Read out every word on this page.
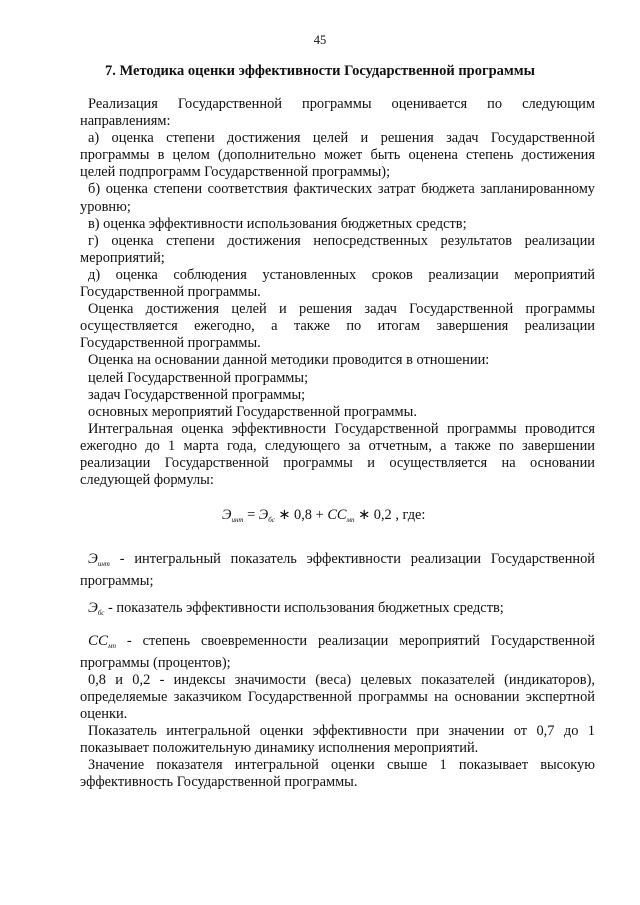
45
7. Методика оценки эффективности Государственной программы

Реализация Государственной программы оценивается по следующим направлениям:

а) оценка степени достижения целей и решения задач Государственной программы в целом (дополнительно может быть оценена степень достижения целей подпрограмм Государственной программы);

б) оценка степени соответствия фактических затрат бюджета запланированному уровню;

в) оценка эффективности использования бюджетных средств;

г) оценка степени достижения непосредственных результатов реализации мероприятий;

д) оценка соблюдения установленных сроков реализации мероприятий Государственной программы.

Оценка достижения целей и решения задач Государственной программы осуществляется ежегодно, а также по итогам завершения реализации Государственной программы.

Оценка на основании данной методики проводится в отношении:

целей Государственной программы;

задач Государственной программы;

основных мероприятий Государственной программы.

Интегральная оценка эффективности Государственной программы проводится ежегодно до 1 марта года, следующего за отчетным, а также по завершении реализации Государственной программы и осуществляется на основании следующей формулы:

$Э_{инт} = Э_{бс}$ ∗ $0,8 + СС_{мп}$ ∗ 0,2 , где:

$Э_{инт}$ - интегральный показатель эффективности реализации Государственной программы;

$Э_{бс}$ - показатель эффективности использования бюджетных средств;

$СС_{мп}$ - степень своевременности реализации мероприятий Государственной программы (процентов);

0,8 и 0,2 - индексы значимости (веса) целевых показателей (индикаторов), определяемые заказчиком Государственной программы на основании экспертной оценки.

Показатель интегральной оценки эффективности при значении от 0,7 до 1 показывает положительную динамику исполнения мероприятий.

Значение показателя интегральной оценки свыше 1 показывает высокую эффективность Государственной программы.
